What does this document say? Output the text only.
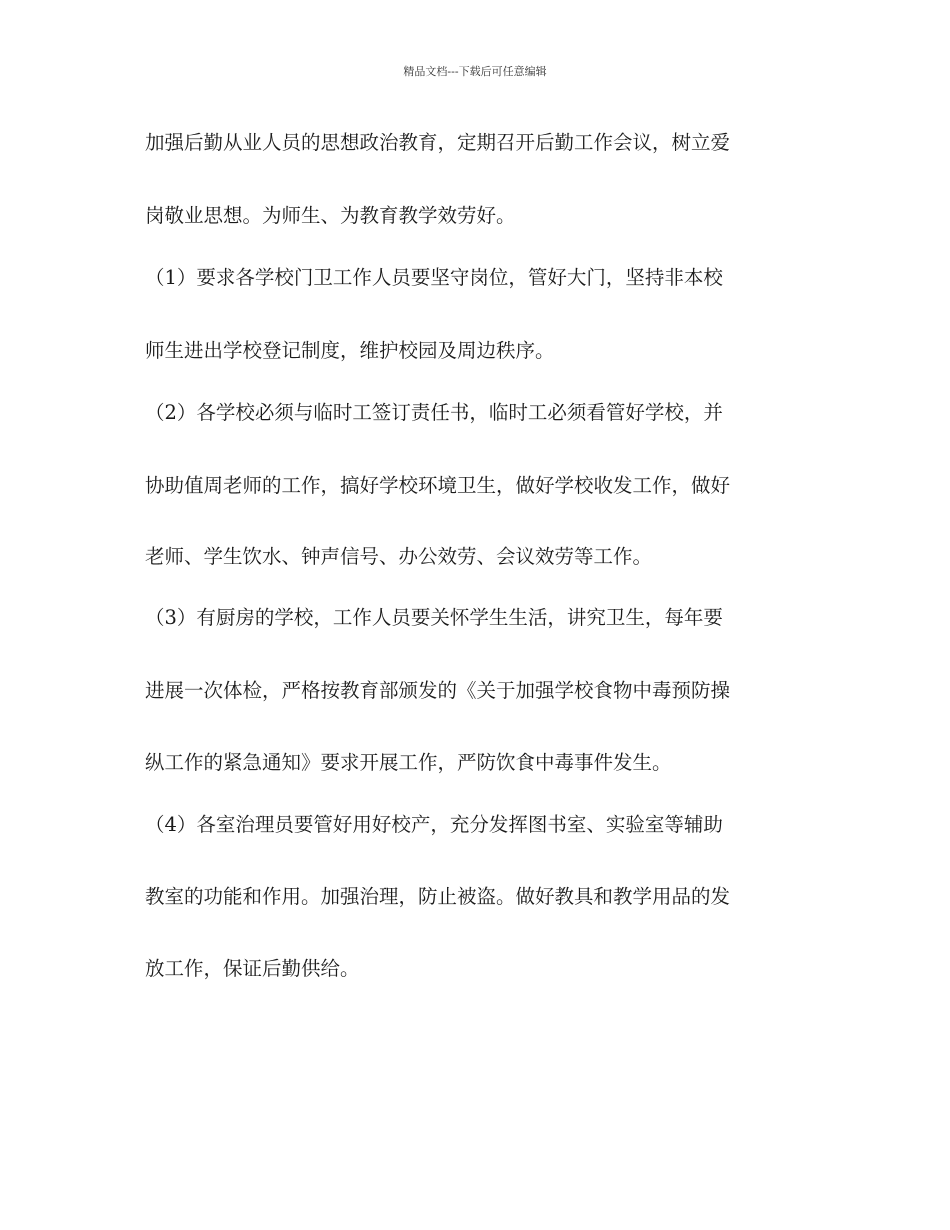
精品文档---下载后可任意编辑
加强后勤从业人员的思想政治教育，定期召开后勤工作会议，树立爱
岗敬业思想。为师生、为教育教学效劳好。
（1）要求各学校门卫工作人员要坚守岗位，管好大门，坚持非本校
师生进出学校登记制度，维护校园及周边秩序。
（2）各学校必须与临时工签订责任书，临时工必须看管好学校，并
协助值周老师的工作，搞好学校环境卫生，做好学校收发工作，做好
老师、学生饮水、钟声信号、办公效劳、会议效劳等工作。
（3）有厨房的学校，工作人员要关怀学生生活，讲究卫生，每年要
进展一次体检，严格按教育部颁发的《关于加强学校食物中毒预防操
纵工作的紧急通知》要求开展工作，严防饮食中毒事件发生。
（4）各室治理员要管好用好校产，充分发挥图书室、实验室等辅助
教室的功能和作用。加强治理，防止被盗。做好教具和教学用品的发
放工作，保证后勤供给。
